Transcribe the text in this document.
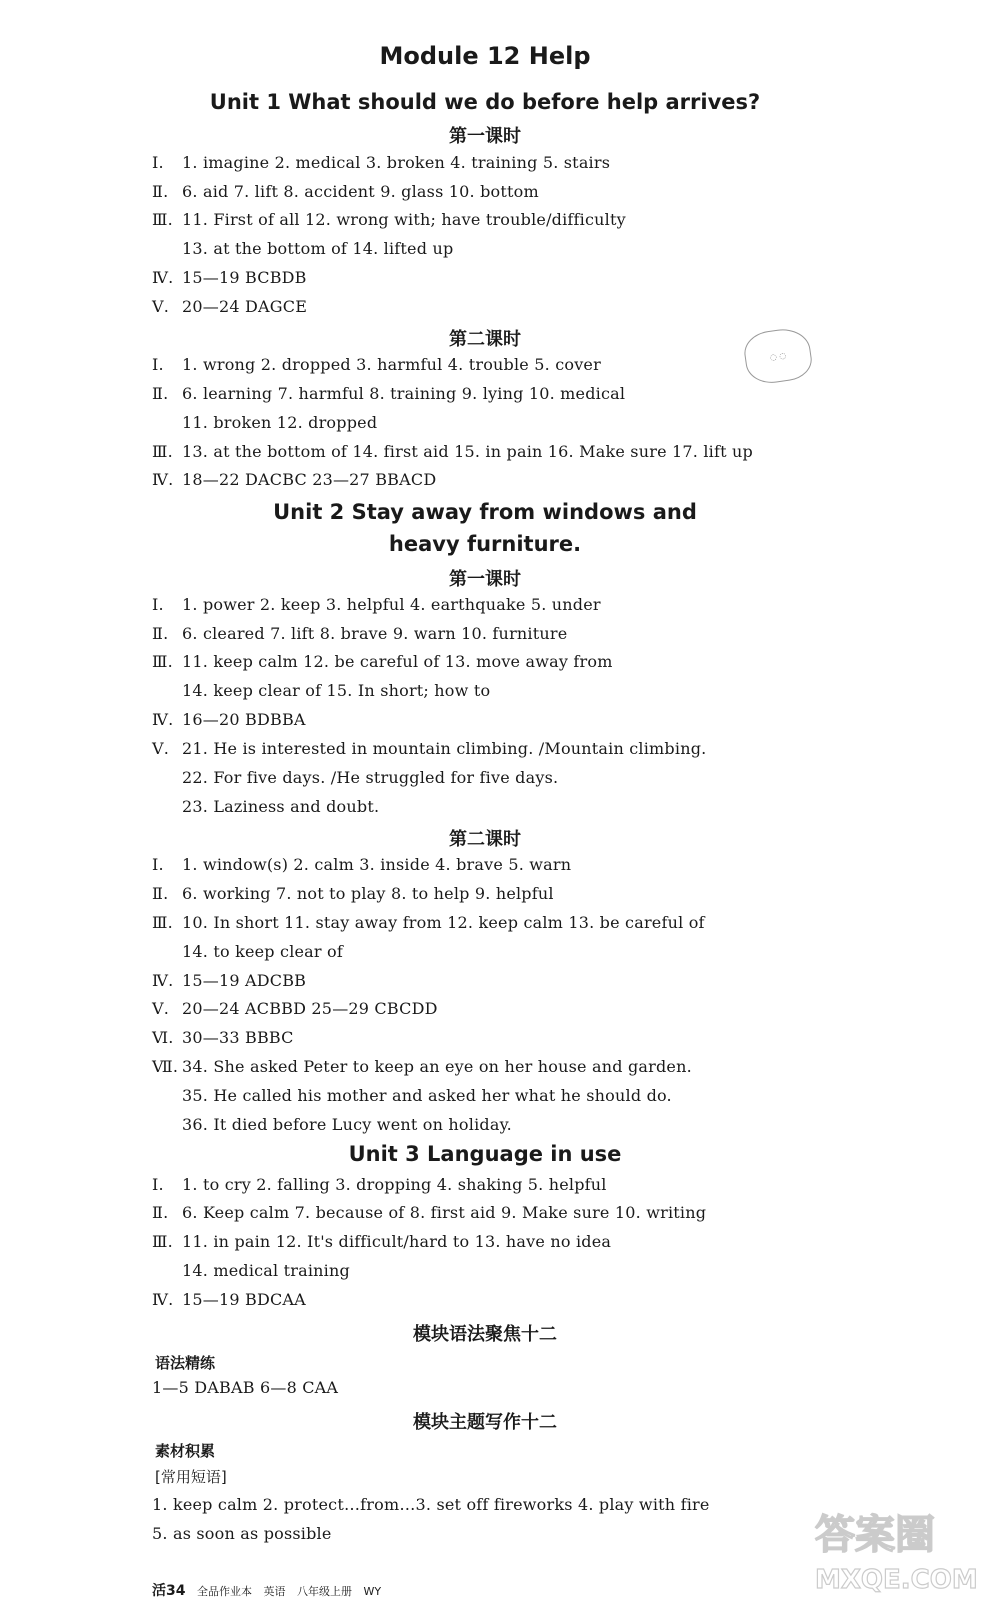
Module 12 Help
Unit 1 What should we do before help arrives?
第一课时
Ⅰ. 1. imagine 2. medical 3. broken 4. training 5. stairs
Ⅱ. 6. aid 7. lift 8. accident 9. glass 10. bottom
Ⅲ. 11. First of all 12. wrong with; have trouble/difficulty
13. at the bottom of 14. lifted up
Ⅳ. 15—19 BCBDB
Ⅴ. 20—24 DAGCE
第二课时
◌ ◌
Ⅰ. 1. wrong 2. dropped 3. harmful 4. trouble 5. cover
Ⅱ. 6. learning 7. harmful 8. training 9. lying 10. medical
11. broken 12. dropped
Ⅲ. 13. at the bottom of 14. first aid 15. in pain 16. Make sure 17. lift up
Ⅳ. 18—22 DACBC 23—27 BBACD
Unit 2 Stay away from windows and
heavy furniture.
第一课时
Ⅰ. 1. power 2. keep 3. helpful 4. earthquake 5. under
Ⅱ. 6. cleared 7. lift 8. brave 9. warn 10. furniture
Ⅲ. 11. keep calm 12. be careful of 13. move away from
14. keep clear of 15. In short; how to
Ⅳ. 16—20 BDBBA
Ⅴ. 21. He is interested in mountain climbing. /Mountain climbing.
22. For five days. /He struggled for five days.
23. Laziness and doubt.
第二课时
Ⅰ. 1. window(s) 2. calm 3. inside 4. brave 5. warn
Ⅱ. 6. working 7. not to play 8. to help 9. helpful
Ⅲ. 10. In short 11. stay away from 12. keep calm 13. be careful of
14. to keep clear of
Ⅳ. 15—19 ADCBB
Ⅴ. 20—24 ACBBD 25—29 CBCDD
Ⅵ. 30—33 BBBC
Ⅶ. 34. She asked Peter to keep an eye on her house and garden.
35. He called his mother and asked her what he should do.
36. It died before Lucy went on holiday.
Unit 3 Language in use
Ⅰ. 1. to cry 2. falling 3. dropping 4. shaking 5. helpful
Ⅱ. 6. Keep calm 7. because of 8. first aid 9. Make sure 10. writing
Ⅲ. 11. in pain 12. It's difficult/hard to 13. have no idea
14. medical training
Ⅳ. 15—19 BDCAA
模块语法聚焦十二
语法精练
1—5 DABAB 6—8 CAA
模块主题写作十二
素材积累
[常用短语]
1. keep calm 2. protect…from…3. set off fireworks 4. play with fire
5. as soon as possible	答案圈
MXQE.COM
活34 全品作业本 英语 八年级上册 WY
